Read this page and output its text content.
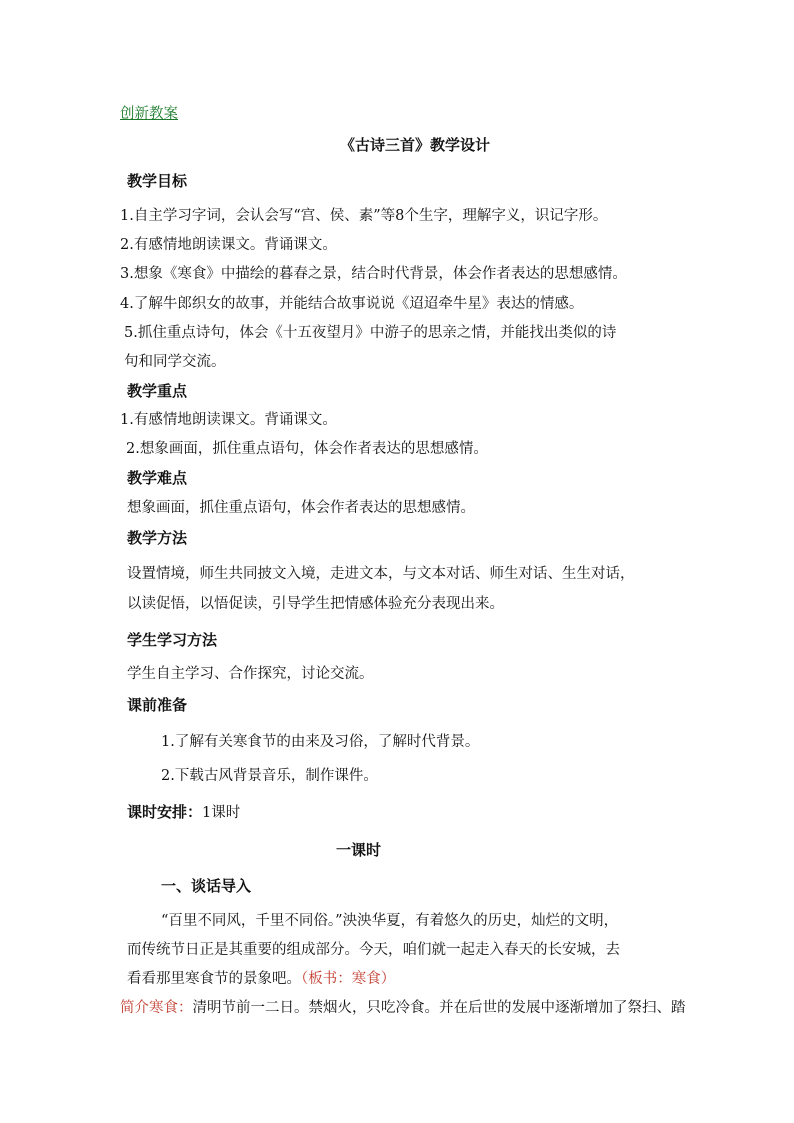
创新教案
《古诗三首》教学设计
教学目标
1.自主学习字词，会认会写“宫、侯、素”等8个生字，理解字义，识记字形。
2.有感情地朗读课文。背诵课文。
3.想象《寒食》中描绘的暮春之景，结合时代背景，体会作者表达的思想感情。
4.了解牛郎织女的故事，并能结合故事说说《迢迢牵牛星》表达的情感。
5.抓住重点诗句，体会《十五夜望月》中游子的思亲之情，并能找出类似的诗
句和同学交流。
教学重点
1.有感情地朗读课文。背诵课文。
2.想象画面，抓住重点语句，体会作者表达的思想感情。
教学难点
想象画面，抓住重点语句，体会作者表达的思想感情。
教学方法
设置情境，师生共同披文入境，走进文本，与文本对话、师生对话、生生对话，
以读促悟，以悟促读，引导学生把情感体验充分表现出来。
学生学习方法
学生自主学习、合作探究，讨论交流。
课前准备
1.了解有关寒食节的由来及习俗，了解时代背景。
2.下载古风背景音乐，制作课件。
课时安排：1课时
一课时
一、谈话导入
“百里不同风，千里不同俗。”泱泱华夏，有着悠久的历史，灿烂的文明，
而传统节日正是其重要的组成部分。今天，咱们就一起走入春天的长安城，去
看看那里寒食节的景象吧。（板书：寒食）
简介寒食：清明节前一二日。禁烟火，只吃冷食。并在后世的发展中逐渐增加了祭扫、踏
